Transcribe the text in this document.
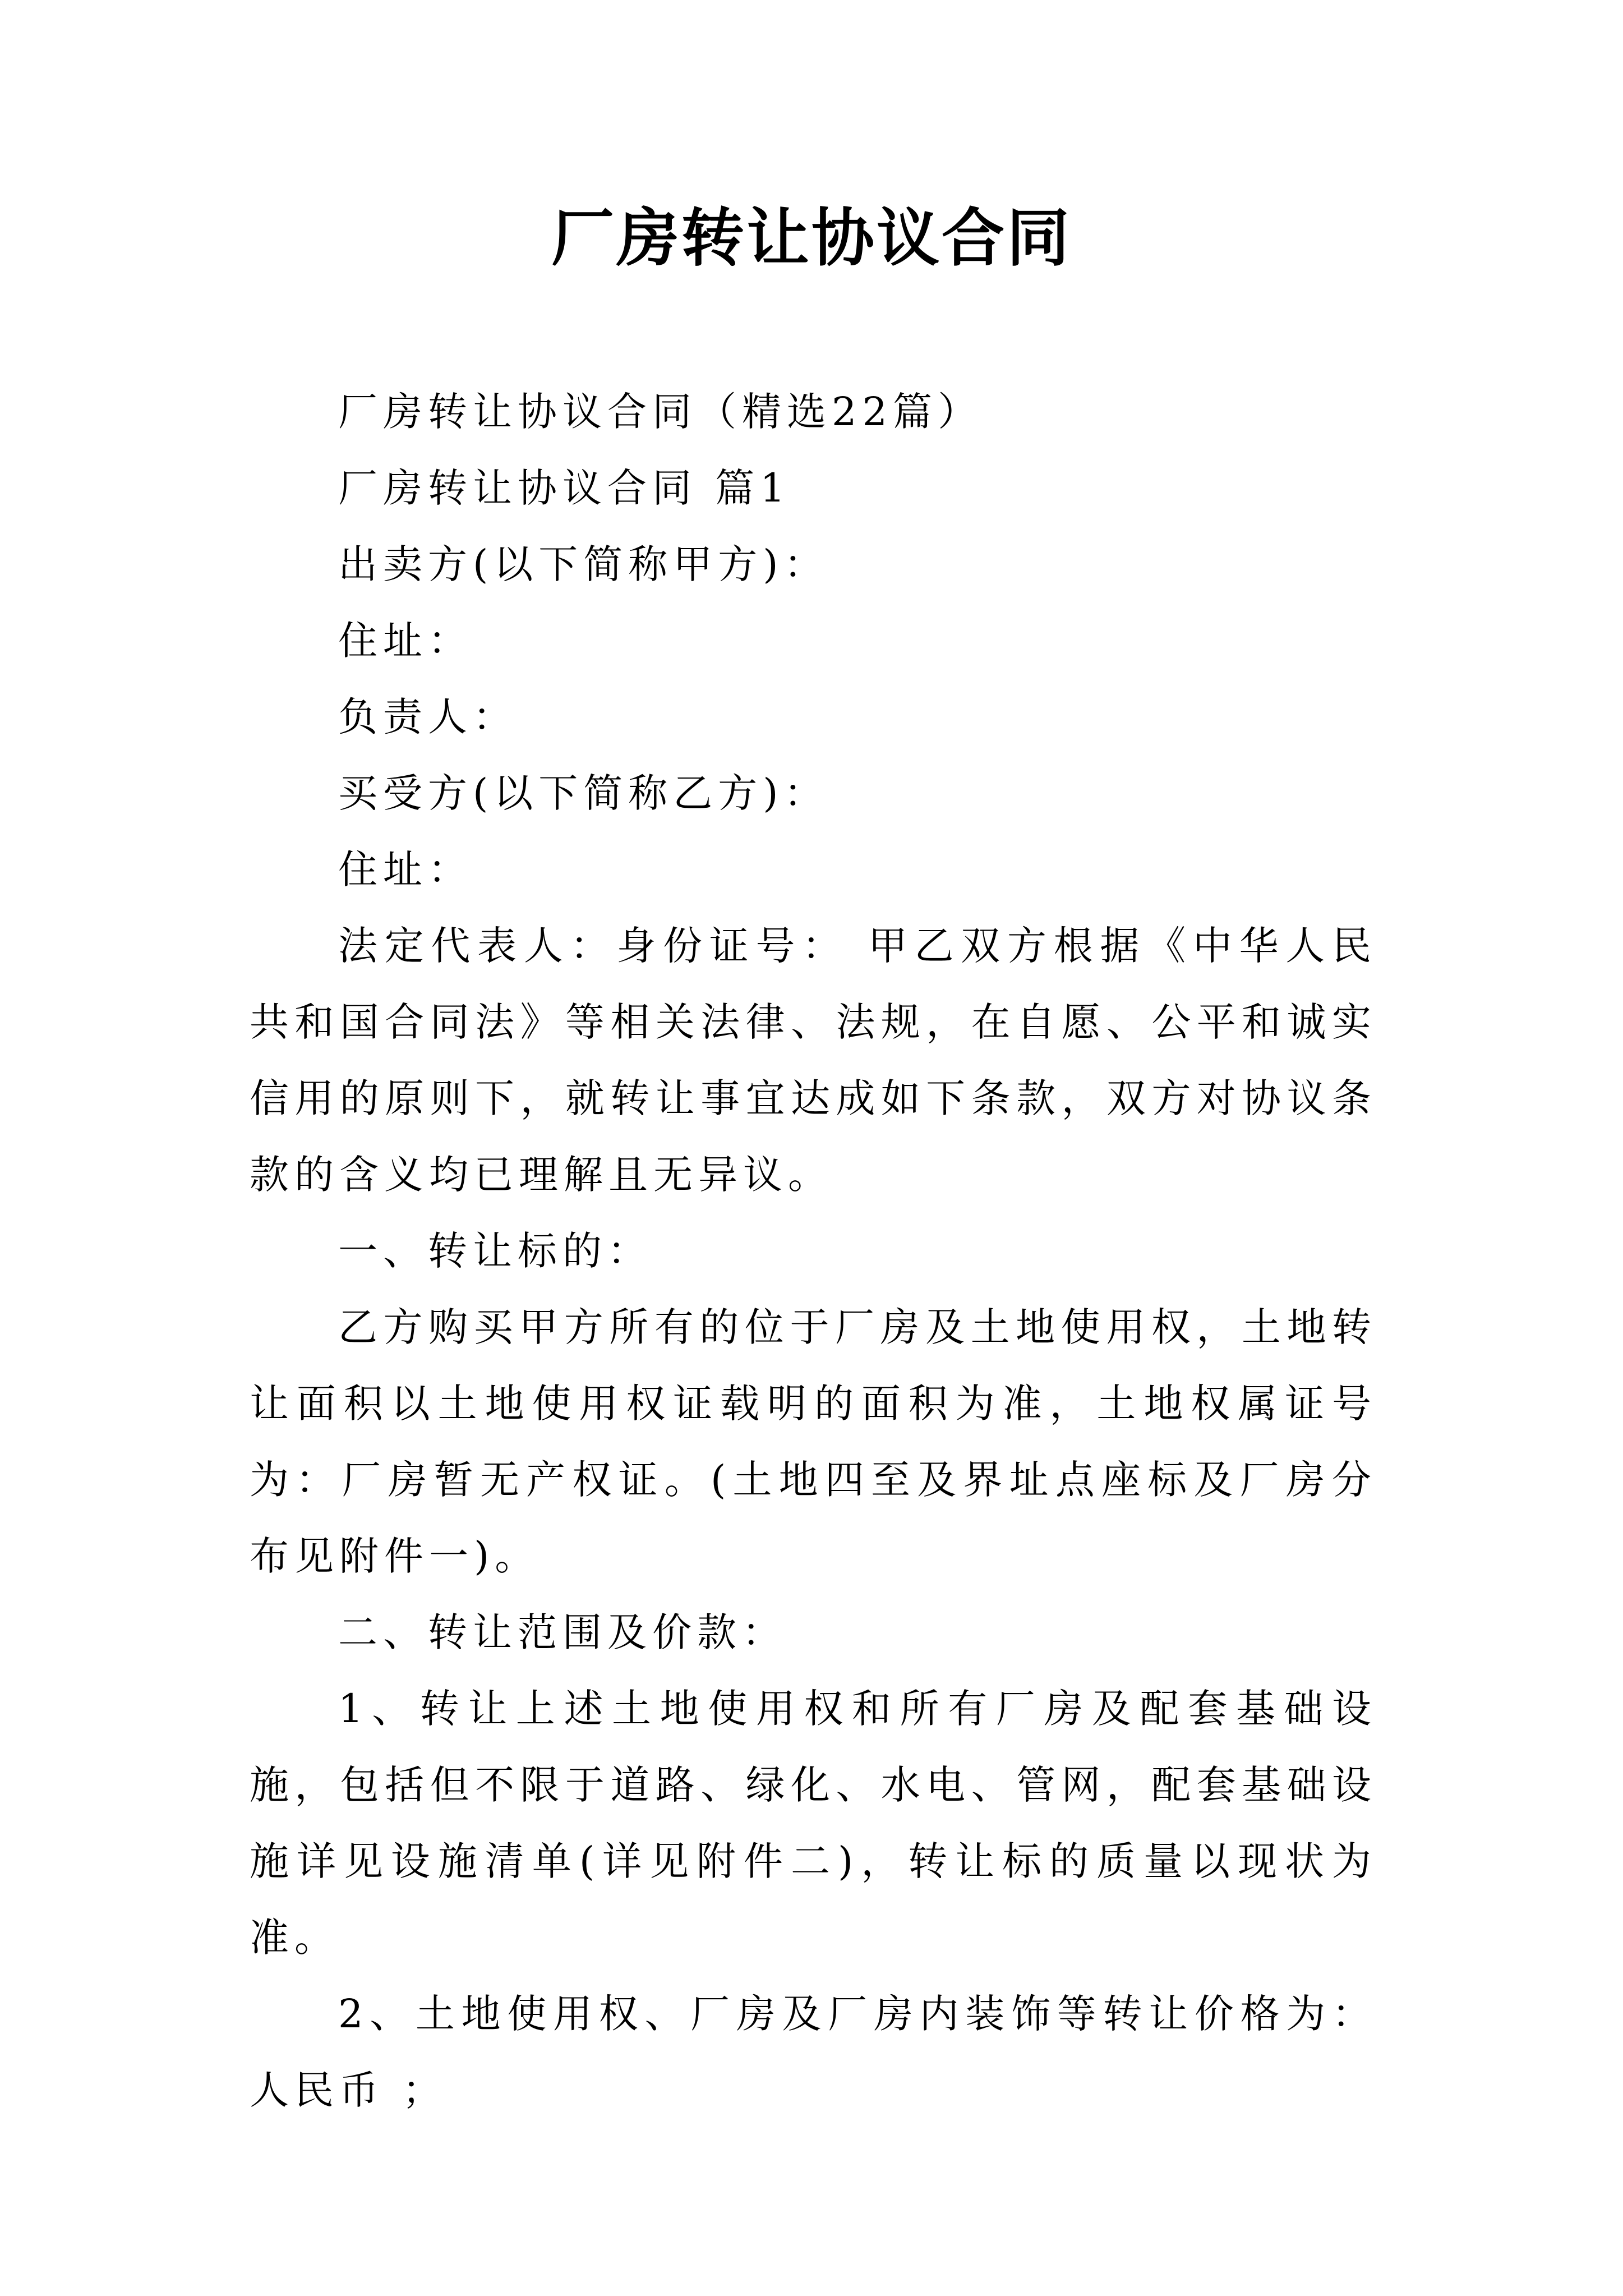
厂房转让协议合同

厂房转让协议合同（精选22篇）

厂房转让协议合同 篇1

出卖方(以下简称甲方)：

住址：

负责人：

买受方(以下简称乙方)：

住址：

法定代表人：身份证号： 甲乙双方根据《中华人民共和国合同法》等相关法律、法规，在自愿、公平和诚实信用的原则下，就转让事宜达成如下条款，双方对协议条款的含义均已理解且无异议。

一、转让标的：

乙方购买甲方所有的位于厂房及土地使用权，土地转让面积以土地使用权证载明的面积为准，土地权属证号为：厂房暂无产权证。(土地四至及界址点座标及厂房分布见附件一)。

二、转让范围及价款：

1、转让上述土地使用权和所有厂房及配套基础设施，包括但不限于道路、绿化、水电、管网，配套基础设施详见设施清单(详见附件二)，转让标的质量以现状为准。

2、土地使用权、厂房及厂房内装饰等转让价格为：人民币 ；
